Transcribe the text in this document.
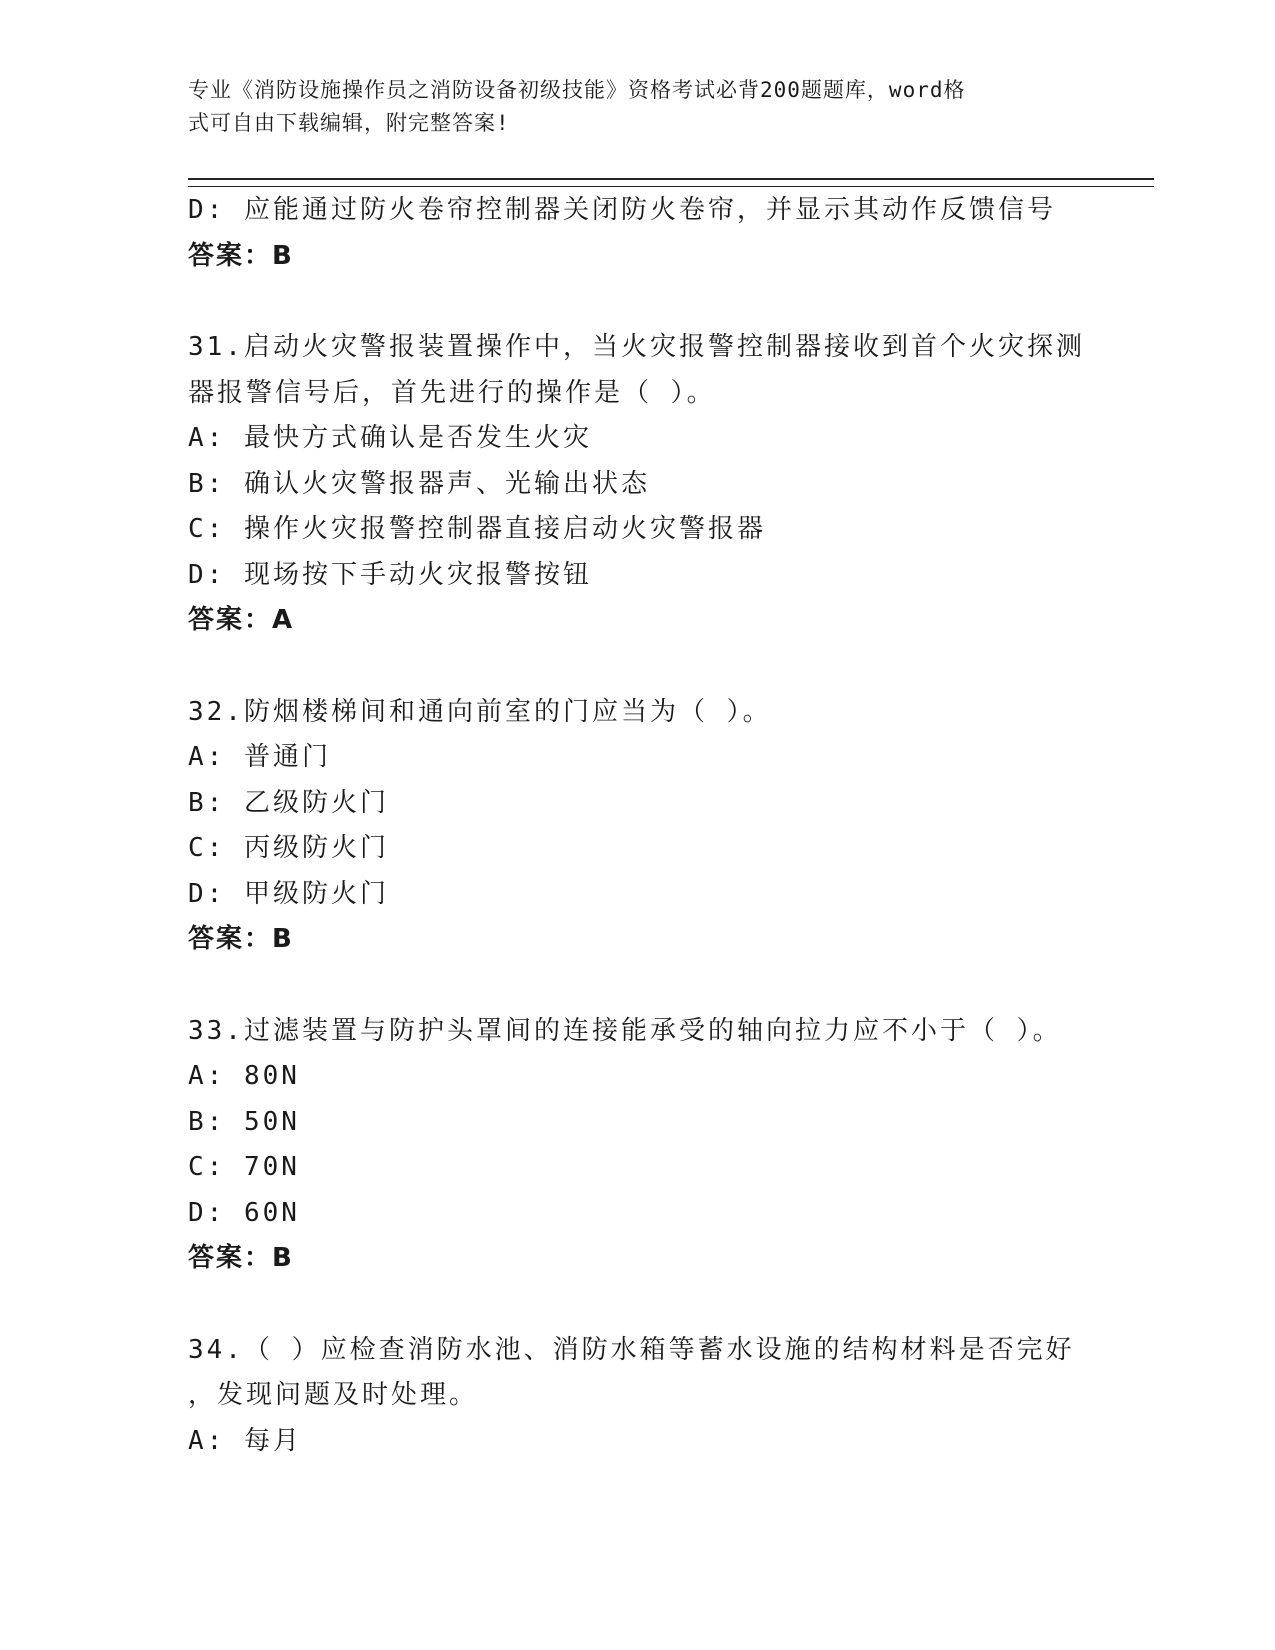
专业《消防设施操作员之消防设备初级技能》资格考试必背200题题库，word格
式可自由下载编辑，附完整答案!
D: 应能通过防火卷帘控制器关闭防火卷帘，并显示其动作反馈信号
答案：B
31.启动火灾警报装置操作中，当火灾报警控制器接收到首个火灾探测
器报警信号后，首先进行的操作是（ ）。
A: 最快方式确认是否发生火灾
B: 确认火灾警报器声、光输出状态
C: 操作火灾报警控制器直接启动火灾警报器
D: 现场按下手动火灾报警按钮
答案：A
32.防烟楼梯间和通向前室的门应当为（ ）。
A: 普通门
B: 乙级防火门
C: 丙级防火门
D: 甲级防火门
答案：B
33.过滤装置与防护头罩间的连接能承受的轴向拉力应不小于（ ）。
A: 80N
B: 50N
C: 70N
D: 60N
答案：B
34.（ ）应检查消防水池、消防水箱等蓄水设施的结构材料是否完好
，发现问题及时处理。
A: 每月
